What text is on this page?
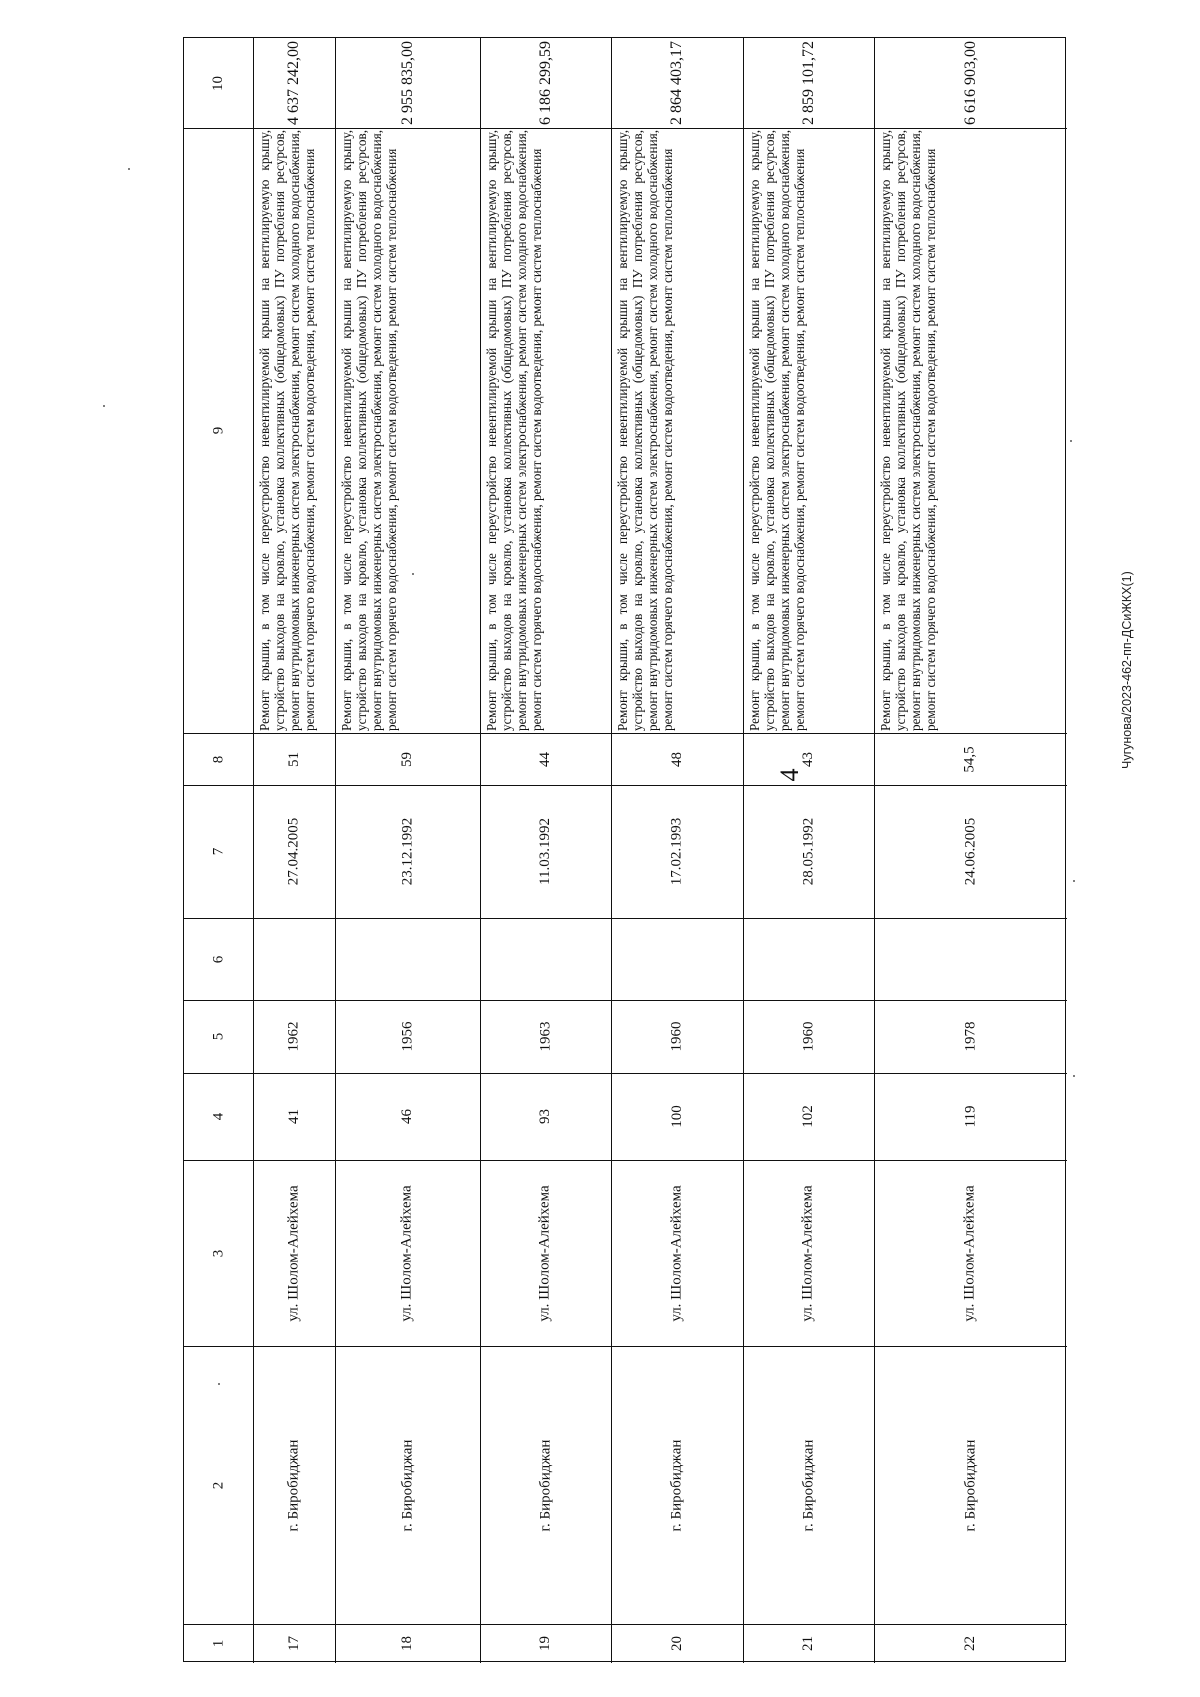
4
Чугунова/2023-462-пп-ДСиЖКХ(1)
1
2
3
4
5
6
7
8
9
10
17
г. Биробиджан
ул. Шолом-Алейхема
41
1962
27.04.2005
51
Ремонт крыши, в том числе переустройство невентилируемой крыши на вентилируемую крышу, устройство выходов на кровлю, установка коллективных (общедомовых) ПУ потребления ресурсов, ремонт внутридомовых инженерных систем электроснабжения, ремонт систем холодного водоснабжения, ремонт систем горячего водоснабжения, ремонт систем водоотведения, ремонт систем теплоснабжения
4 637 242,00
18
г. Биробиджан
ул. Шолом-Алейхема
46
1956
23.12.1992
59
Ремонт крыши, в том числе переустройство невентилируемой крыши на вентилируемую крышу, устройство выходов на кровлю, установка коллективных (общедомовых) ПУ потребления ресурсов, ремонт внутридомовых инженерных систем электроснабжения, ремонт систем холодного водоснабжения, ремонт систем горячего водоснабжения, ремонт систем водоотведения, ремонт систем теплоснабжения
2 955 835,00
19
г. Биробиджан
ул. Шолом-Алейхема
93
1963
11.03.1992
44
Ремонт крыши, в том числе переустройство невентилируемой крыши на вентилируемую крышу, устройство выходов на кровлю, установка коллективных (общедомовых) ПУ потребления ресурсов, ремонт внутридомовых инженерных систем электроснабжения, ремонт систем холодного водоснабжения, ремонт систем горячего водоснабжения, ремонт систем водоотведения, ремонт систем теплоснабжения
6 186 299,59
20
г. Биробиджан
ул. Шолом-Алейхема
100
1960
17.02.1993
48
Ремонт крыши, в том числе переустройство невентилируемой крыши на вентилируемую крышу, устройство выходов на кровлю, установка коллективных (общедомовых) ПУ потребления ресурсов, ремонт внутридомовых инженерных систем электроснабжения, ремонт систем холодного водоснабжения, ремонт систем горячего водоснабжения, ремонт систем водоотведения, ремонт систем теплоснабжения
2 864 403,17
21
г. Биробиджан
ул. Шолом-Алейхема
102
1960
28.05.1992
43
Ремонт крыши, в том числе переустройство невентилируемой крыши на вентилируемую крышу, устройство выходов на кровлю, установка коллективных (общедомовых) ПУ потребления ресурсов, ремонт внутридомовых инженерных систем электроснабжения, ремонт систем холодного водоснабжения, ремонт систем горячего водоснабжения, ремонт систем водоотведения, ремонт систем теплоснабжения
2 859 101,72
22
г. Биробиджан
ул. Шолом-Алейхема
119
1978
24.06.2005
54,5
Ремонт крыши, в том числе переустройство невентилируемой крыши на вентилируемую крышу, устройство выходов на кровлю, установка коллективных (общедомовых) ПУ потребления ресурсов, ремонт внутридомовых инженерных систем электроснабжения, ремонт систем холодного водоснабжения, ремонт систем горячего водоснабжения, ремонт систем водоотведения, ремонт систем теплоснабжения
6 616 903,00
